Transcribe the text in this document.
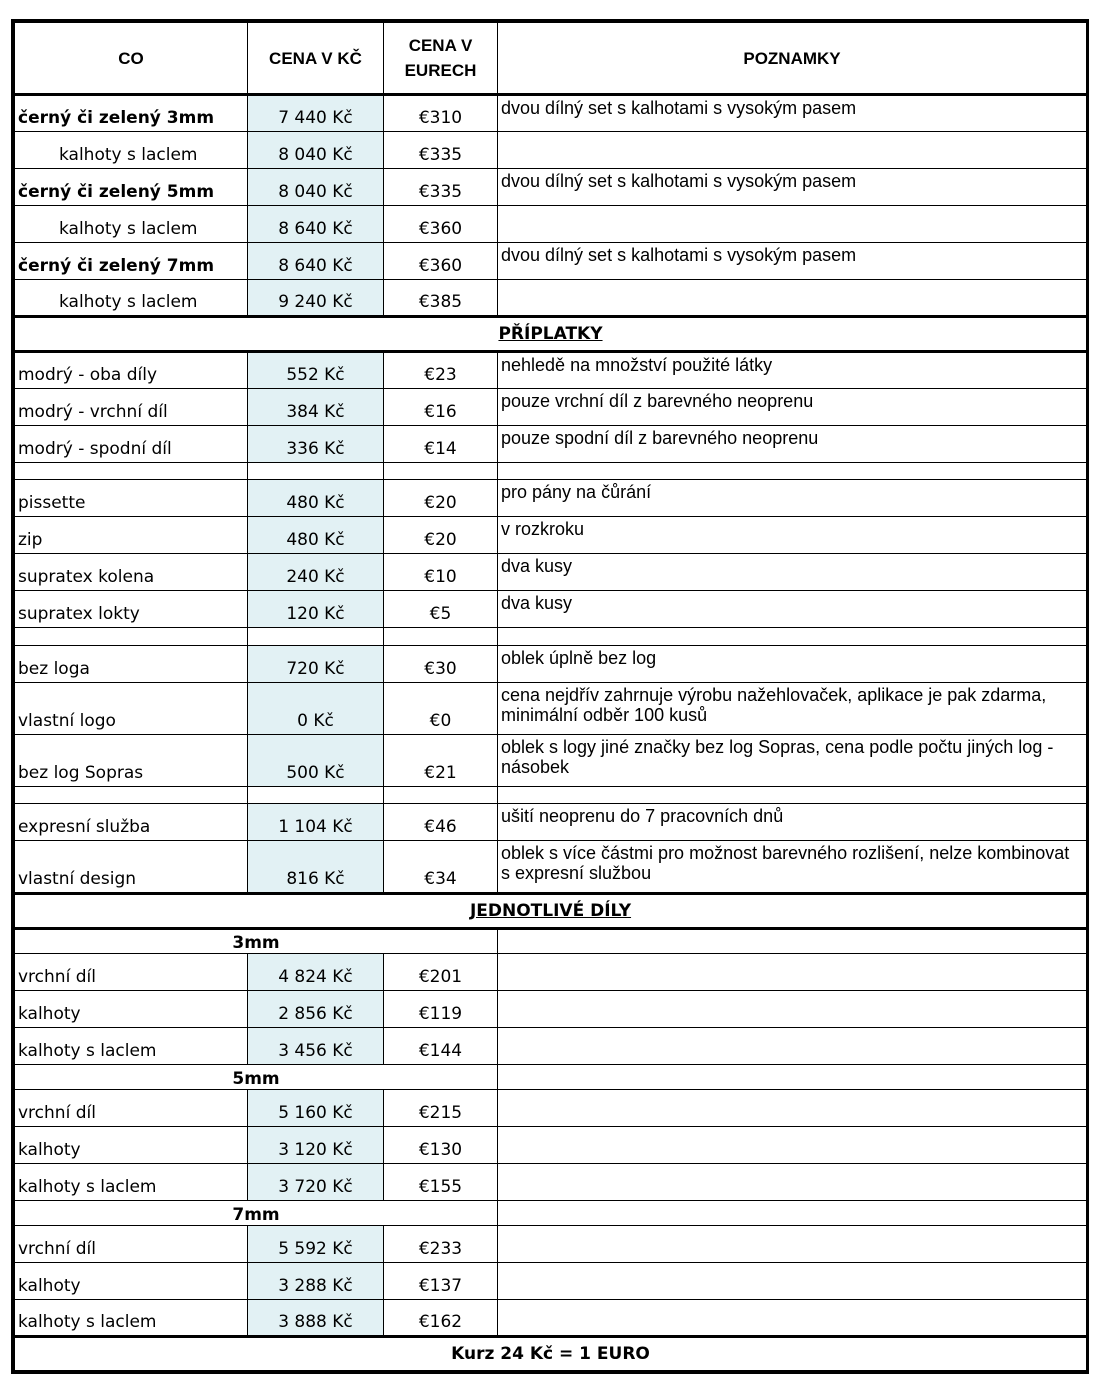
CO	CENA V KČ	CENA V EURECH	POZNAMKY
černý či zelený 3mm	7 440 Kč	€310	dvou dílný set s kalhotami s vysokým pasem
kalhoty s laclem	8 040 Kč	€335	
černý či zelený 5mm	8 040 Kč	€335	dvou dílný set s kalhotami s vysokým pasem
kalhoty s laclem	8 640 Kč	€360	
černý či zelený 7mm	8 640 Kč	€360	dvou dílný set s kalhotami s vysokým pasem
kalhoty s laclem	9 240 Kč	€385	
PŘÍPLATKY			
modrý - oba díly	552 Kč	€23	nehledě na množství použité látky
modrý - vrchní díl	384 Kč	€16	pouze vrchní díl z barevného neoprenu
modrý - spodní díl	336 Kč	€14	pouze spodní díl z barevného neoprenu

pissette	480 Kč	€20	pro pány na čůrání
zip	480 Kč	€20	v rozkroku
supratex kolena	240 Kč	€10	dva kusy
supratex lokty	120 Kč	€5	dva kusy

bez loga	720 Kč	€30	oblek úplně bez log
vlastní logo	0 Kč	€0	cena nejdřív zahrnuje výrobu nažehlovaček, aplikace je pak zdarma, minimální odběr 100 kusů
bez log Sopras	500 Kč	€21	oblek s logy jiné značky bez log Sopras, cena podle počtu jiných log - násobek

expresní služba	1 104 Kč	€46	ušití neoprenu do 7 pracovních dnů
vlastní design	816 Kč	€34	oblek s více částmi pro možnost barevného rozlišení, nelze kombinovat s expresní službou
JEDNOTLIVÉ DÍLY			
3mm			
vrchní díl	4 824 Kč	€201	
kalhoty	2 856 Kč	€119	
kalhoty s laclem	3 456 Kč	€144	
5mm			
vrchní díl	5 160 Kč	€215	
kalhoty	3 120 Kč	€130	
kalhoty s laclem	3 720 Kč	€155	
7mm			
vrchní díl	5 592 Kč	€233	
kalhoty	3 288 Kč	€137	
kalhoty s laclem	3 888 Kč	€162	
Kurz 24 Kč = 1 EURO			
